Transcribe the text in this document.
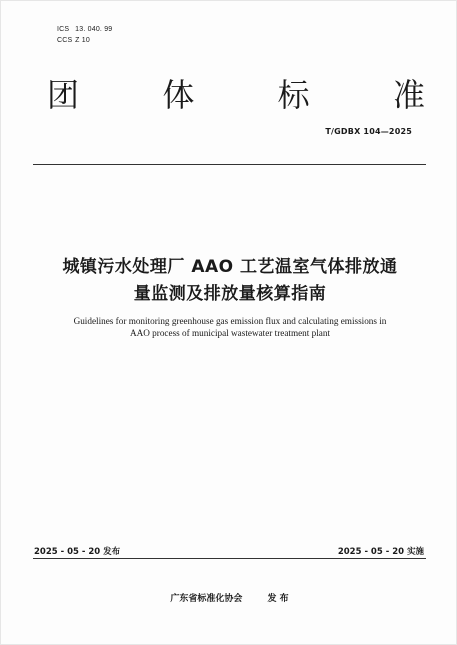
ICS 13. 040. 99
CCS Z 10
团	体	标	准
T/GDBX 104—2025
城镇污水处理厂 AAO 工艺温室气体排放通
量监测及排放量核算指南
Guidelines for monitoring greenhouse gas emission flux and calculating emissions in
AAO process of municipal wastewater treatment plant
2025 - 05 - 20 发布	2025 - 05 - 20 实施
广东省标准化协会	发 布
